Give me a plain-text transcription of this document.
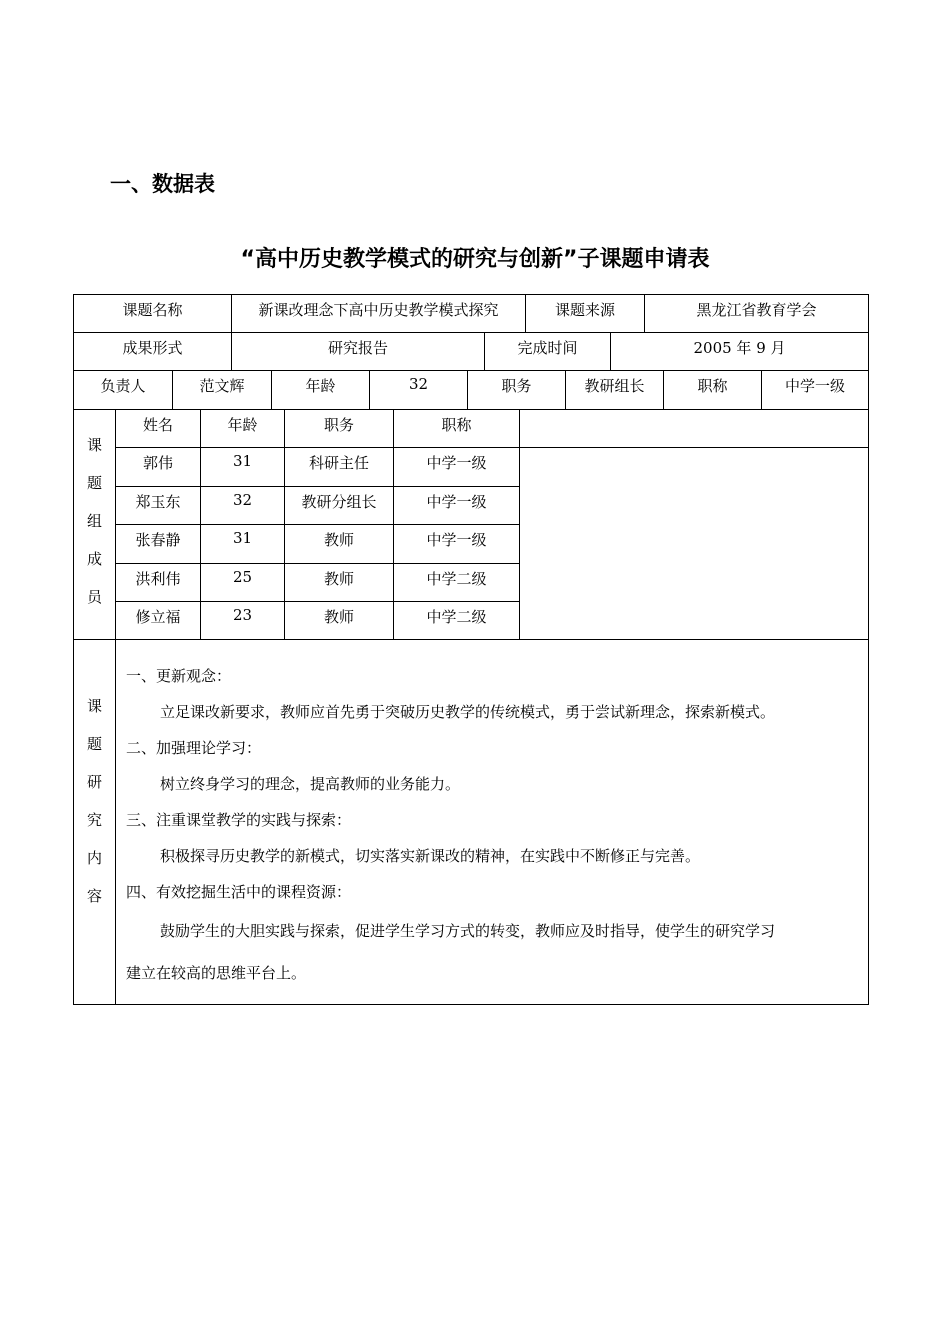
一、数据表
“高中历史教学模式的研究与创新”子课题申请表
课题名称	新课改理念下高中历史教学模式探究	课题来源	黑龙江省教育学会
成果形式	研究报告	完成时间	2005 年 9 月
负责人	范文辉	年龄	32	职务	教研组长	职称	中学一级
课
题
组
成
员	姓名	年龄	职务	职称	
	郭伟	31	科研主任	中学一级	
	郑玉东	32	教研分组长	中学一级	
	张春静	31	教师	中学一级	
	洪利伟	25	教师	中学二级	
	修立福	23	教师	中学二级	
课
题
研
究
内
容

一、更新观念：

立足课改新要求，教师应首先勇于突破历史教学的传统模式，勇于尝试新理念，探索新模式。

二、加强理论学习：

树立终身学习的理念，提高教师的业务能力。

三、注重课堂教学的实践与探索：

积极探寻历史教学的新模式，切实落实新课改的精神，在实践中不断修正与完善。

四、有效挖掘生活中的课程资源：

鼓励学生的大胆实践与探索，促进学生学习方式的转变，教师应及时指导，使学生的研究学习

建立在较高的思维平台上。
